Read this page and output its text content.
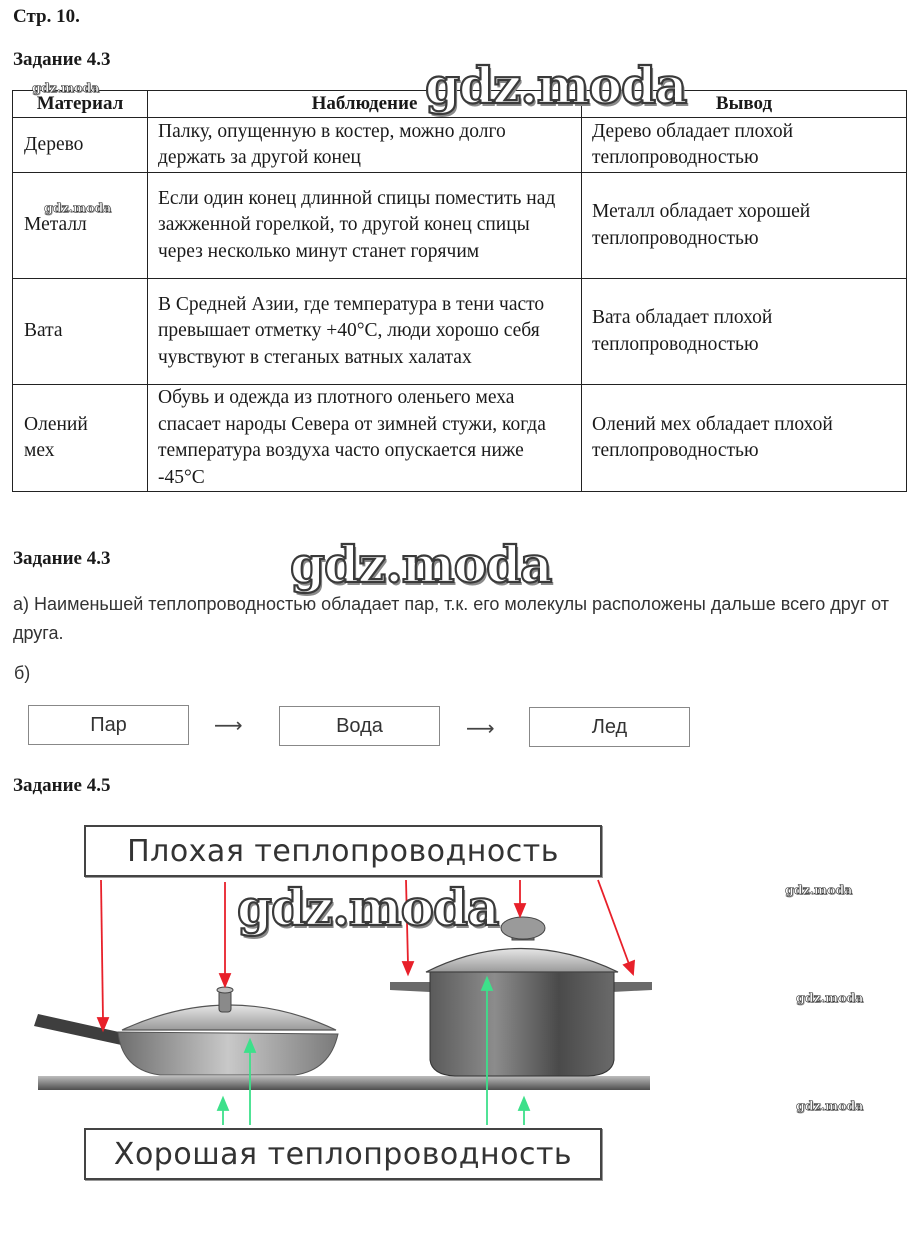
Стр. 10.
Задание 4.3
Материал	Наблюдение	Вывод
Дерево	Палку, опущенную в костер, можно долго держать за другой конец	Дерево обладает плохой теплопроводностью
Металл	Если один конец длинной спицы поместить над зажженной горелкой, то другой конец спицы через несколько минут станет горячим	Металл обладает хорошей теплопроводностью
Вата	В Средней Азии, где температура в тени часто превышает отметку +40°С, люди хорошо себя чувствуют в стеганых ватных халатах	Вата обладает плохой теплопроводностью
Олений мех	Обувь и одежда из плотного оленьего меха спасает народы Севера от зимней стужи, когда температура воздуха часто опускается ниже -45°С	Олений мех обладает плохой теплопроводностью
gdz.moda
gdz.moda
gdz.moda
Задание 4.3	gdz.moda
а) Наименьшей теплопроводностью обладает пар, т.к. его молекулы расположены дальше всего друг от друга.
б)
Пар	⟶	Вода	⟶	Лед
Задание 4.5
Плохая теплопроводность
gdz.moda	gdz.moda
gdz.moda
gdz.moda
Хорошая теплопроводность
